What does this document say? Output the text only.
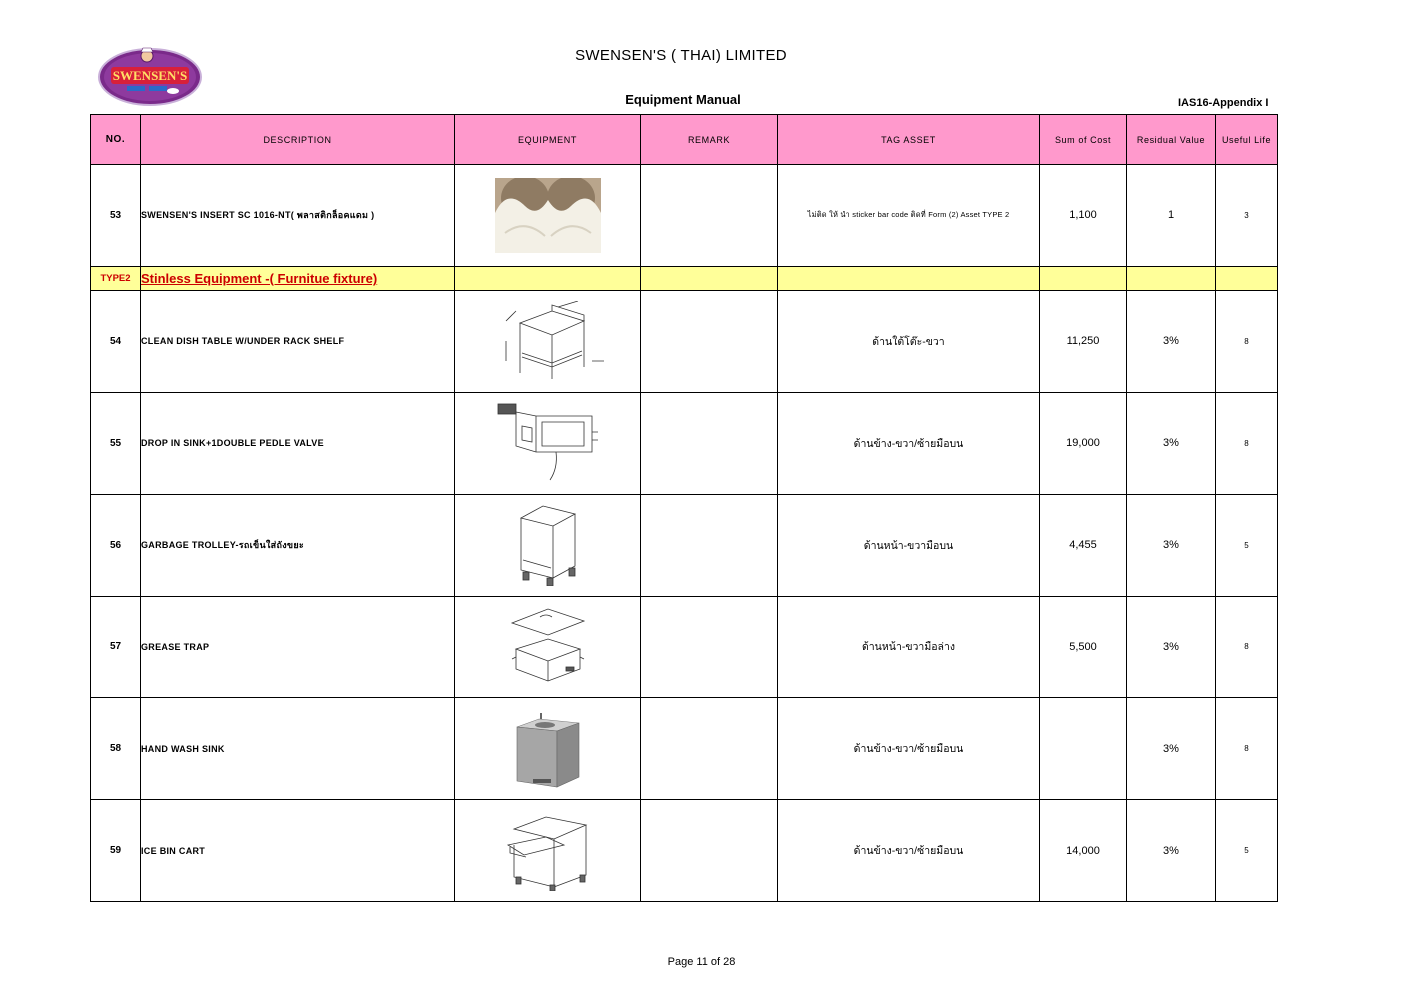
SWENSEN'S
SWENSEN'S ( THAI) LIMITED
Equipment Manual	IAS16-Appendix I
NO.	DESCRIPTION	EQUIPMENT	REMARK	TAG ASSET	Sum of Cost	Residual Value	Useful Life
53	SWENSEN'S INSERT SC 1016-NT( พลาสติกล็อคแดม )			ไม่ติด ให้ นำ sticker bar code ติดที่ Form (2) Asset TYPE 2	1,100	1	3
TYPE2	Stinless Equipment -( Furnitue fixture)						
54	CLEAN DISH TABLE W/UNDER RACK SHELF			ด้านใต้โต๊ะ-ขวา	11,250	3%	8
55	DROP IN SINK+1DOUBLE PEDLE VALVE			ด้านข้าง-ขวา/ซ้ายมือบน	19,000	3%	8
56	GARBAGE TROLLEY-รถเข็นใส่ถังขยะ			ด้านหน้า-ขวามือบน	4,455	3%	5
57	GREASE TRAP			ด้านหน้า-ขวามือล่าง	5,500	3%	8
58	HAND WASH SINK			ด้านข้าง-ขวา/ซ้ายมือบน		3%	8
59	ICE BIN CART			ด้านข้าง-ขวา/ซ้ายมือบน	14,000	3%	5
Page 11 of 28
